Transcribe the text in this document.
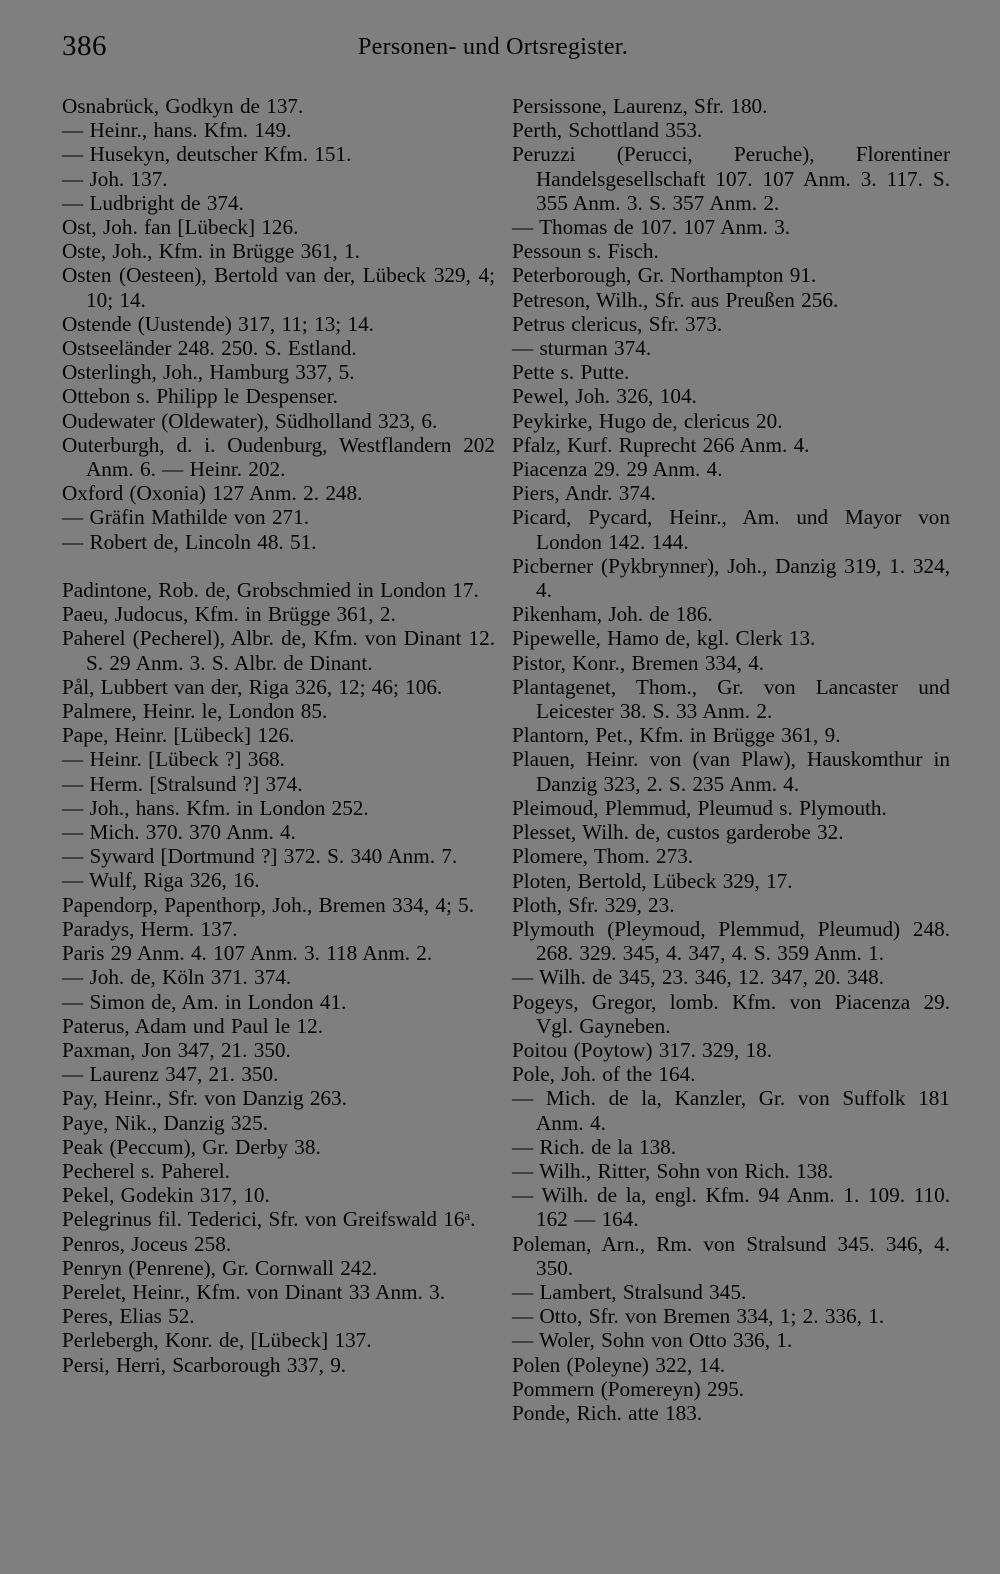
386	Personen- und Ortsregister.
Osnabrück, Godkyn de 137.
— Heinr., hans. Kfm. 149.
— Husekyn, deutscher Kfm. 151.
— Joh. 137.
— Ludbright de 374.
Ost, Joh. fan [Lübeck] 126.
Oste, Joh., Kfm. in Brügge 361, 1.
Osten (Oesteen), Bertold van der, Lübeck 329, 4; 10; 14.
Ostende (Uustende) 317, 11; 13; 14.
Ostseeländer 248. 250. S. Estland.
Osterlingh, Joh., Hamburg 337, 5.
Ottebon s. Philipp le Despenser.
Oudewater (Oldewater), Südholland 323, 6.
Outerburgh, d. i. Oudenburg, Westflandern 202 Anm. 6. — Heinr. 202.
Oxford (Oxonia) 127 Anm. 2. 248.
— Gräfin Mathilde von 271.
— Robert de, Lincoln 48. 51.
Padintone, Rob. de, Grobschmied in London 17.
Paeu, Judocus, Kfm. in Brügge 361, 2.
Paherel (Pecherel), Albr. de, Kfm. von Dinant 12. S. 29 Anm. 3. S. Albr. de Dinant.
Pål, Lubbert van der, Riga 326, 12; 46; 106.
Palmere, Heinr. le, London 85.
Pape, Heinr. [Lübeck] 126.
— Heinr. [Lübeck ?] 368.
— Herm. [Stralsund ?] 374.
— Joh., hans. Kfm. in London 252.
— Mich. 370. 370 Anm. 4.
— Syward [Dortmund ?] 372. S. 340 Anm. 7.
— Wulf, Riga 326, 16.
Papendorp, Papenthorp, Joh., Bremen 334, 4; 5.
Paradys, Herm. 137.
Paris 29 Anm. 4. 107 Anm. 3. 118 Anm. 2.
— Joh. de, Köln 371. 374.
— Simon de, Am. in London 41.
Paterus, Adam und Paul le 12.
Paxman, Jon 347, 21. 350.
— Laurenz 347, 21. 350.
Pay, Heinr., Sfr. von Danzig 263.
Paye, Nik., Danzig 325.
Peak (Peccum), Gr. Derby 38.
Pecherel s. Paherel.
Pekel, Godekin 317, 10.
Pelegrinus fil. Tederici, Sfr. von Greifswald 16ᵃ.
Penros, Joceus 258.
Penryn (Penrene), Gr. Cornwall 242.
Perelet, Heinr., Kfm. von Dinant 33 Anm. 3.
Peres, Elias 52.
Perlebergh, Konr. de, [Lübeck] 137.
Persi, Herri, Scarborough 337, 9.
Persissone, Laurenz, Sfr. 180.
Perth, Schottland 353.
Peruzzi (Perucci, Peruche), Florentiner Handelsgesellschaft 107. 107 Anm. 3. 117. S. 355 Anm. 3. S. 357 Anm. 2.
— Thomas de 107. 107 Anm. 3.
Pessoun s. Fisch.
Peterborough, Gr. Northampton 91.
Petreson, Wilh., Sfr. aus Preußen 256.
Petrus clericus, Sfr. 373.
— sturman 374.
Pette s. Putte.
Pewel, Joh. 326, 104.
Peykirke, Hugo de, clericus 20.
Pfalz, Kurf. Ruprecht 266 Anm. 4.
Piacenza 29. 29 Anm. 4.
Piers, Andr. 374.
Picard, Pycard, Heinr., Am. und Mayor von London 142. 144.
Picberner (Pykbrynner), Joh., Danzig 319, 1. 324, 4.
Pikenham, Joh. de 186.
Pipewelle, Hamo de, kgl. Clerk 13.
Pistor, Konr., Bremen 334, 4.
Plantagenet, Thom., Gr. von Lancaster und Leicester 38. S. 33 Anm. 2.
Plantorn, Pet., Kfm. in Brügge 361, 9.
Plauen, Heinr. von (van Plaw), Hauskomthur in Danzig 323, 2. S. 235 Anm. 4.
Pleimoud, Plemmud, Pleumud s. Plymouth.
Plesset, Wilh. de, custos garderobe 32.
Plomere, Thom. 273.
Ploten, Bertold, Lübeck 329, 17.
Ploth, Sfr. 329, 23.
Plymouth (Pleymoud, Plemmud, Pleumud) 248. 268. 329. 345, 4. 347, 4. S. 359 Anm. 1.
— Wilh. de 345, 23. 346, 12. 347, 20. 348.
Pogeys, Gregor, lomb. Kfm. von Piacenza 29. Vgl. Gayneben.
Poitou (Poytow) 317. 329, 18.
Pole, Joh. of the 164.
— Mich. de la, Kanzler, Gr. von Suffolk 181 Anm. 4.
— Rich. de la 138.
— Wilh., Ritter, Sohn von Rich. 138.
— Wilh. de la, engl. Kfm. 94 Anm. 1. 109. 110. 162 — 164.
Poleman, Arn., Rm. von Stralsund 345. 346, 4. 350.
— Lambert, Stralsund 345.
— Otto, Sfr. von Bremen 334, 1; 2. 336, 1.
— Woler, Sohn von Otto 336, 1.
Polen (Poleyne) 322, 14.
Pommern (Pomereyn) 295.
Ponde, Rich. atte 183.
